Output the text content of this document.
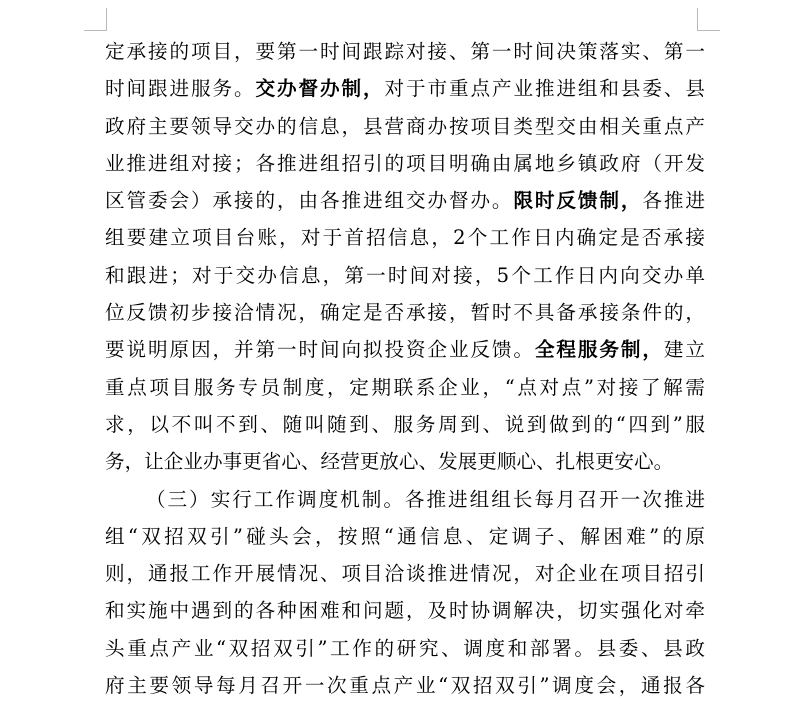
定承接的项目，要第一时间跟踪对接、第一时间决策落实、第一

时间跟进服务。交办督办制，对于市重点产业推进组和县委、县

政府主要领导交办的信息，县营商办按项目类型交由相关重点产

业推进组对接；各推进组招引的项目明确由属地乡镇政府（开发

区管委会）承接的，由各推进组交办督办。限时反馈制，各推进

组要建立项目台账，对于首招信息，2个工作日内确定是否承接

和跟进；对于交办信息，第一时间对接，5个工作日内向交办单

位反馈初步接洽情况，确定是否承接，暂时不具备承接条件的，

要说明原因，并第一时间向拟投资企业反馈。全程服务制，建立

重点项目服务专员制度，定期联系企业，“点对点”对接了解需

求，以不叫不到、随叫随到、服务周到、说到做到的“四到”服

务，让企业办事更省心、经营更放心、发展更顺心、扎根更安心。

（三）实行工作调度机制。各推进组组长每月召开一次推进

组“双招双引”碰头会，按照“通信息、定调子、解困难”的原

则，通报工作开展情况、项目洽谈推进情况，对企业在项目招引

和实施中遇到的各种困难和问题，及时协调解决，切实强化对牵

头重点产业“双招双引”工作的研究、调度和部署。县委、县政

府主要领导每月召开一次重点产业“双招双引”调度会，通报各
